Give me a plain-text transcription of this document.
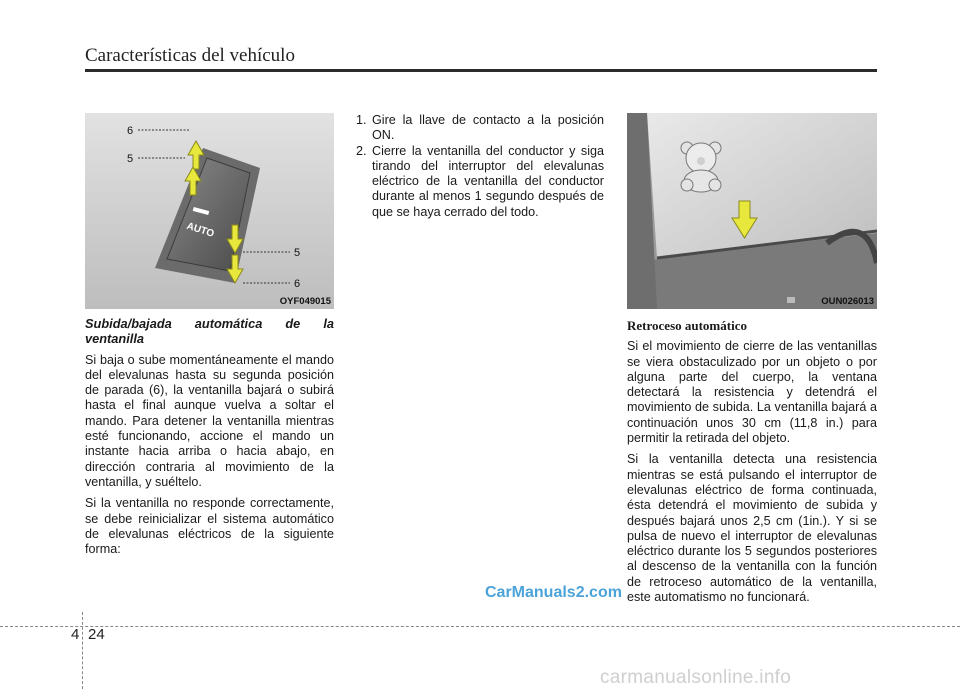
Características del vehículo
AUTO
6
5
5
6
OYF049015

Subida/bajada automática de la ventanilla

Si baja o sube momentáneamente el mando del elevalunas hasta su segunda posición de parada (6), la ventanilla bajará o subirá hasta el final aunque vuelva a soltar el mando. Para detener la ventanilla mientras esté funcionando, accione el mando un instante hacia arriba o hacia abajo, en dirección contraria al movimiento de la ventanilla, y suéltelo.

Si la ventanilla no responde correctamente, se debe reinicializar el sistema automático de elevalunas eléctricos de la siguiente forma:

1. Gire la llave de contacto a la posición ON.
2. Cierre la ventanilla del conductor y siga tirando del interruptor del elevalunas eléctrico de la ventanilla del conductor durante al menos 1 segundo después de que se haya cerrado del todo.
OUN026013

Retroceso automático

Si el movimiento de cierre de las ventanillas se viera obstaculizado por un objeto o por alguna parte del cuerpo, la ventana detectará la resistencia y detendrá el movimiento de subida. La ventanilla bajará a continuación unos 30 cm (11,8 in.) para permitir la retirada del objeto.

Si la ventanilla detecta una resistencia mientras se está pulsando el interruptor de elevalunas eléctrico de forma continuada, ésta detendrá el movimiento de subida y después bajará unos 2,5 cm (1in.). Y si se pulsa de nuevo el interruptor de elevalunas eléctrico durante los 5 segundos posteriores al descenso de la ventanilla con la función de retroceso automático de la ventanilla, este automatismo no funcionará.

CarManuals2.com
4 24
carmanualsonline.info
